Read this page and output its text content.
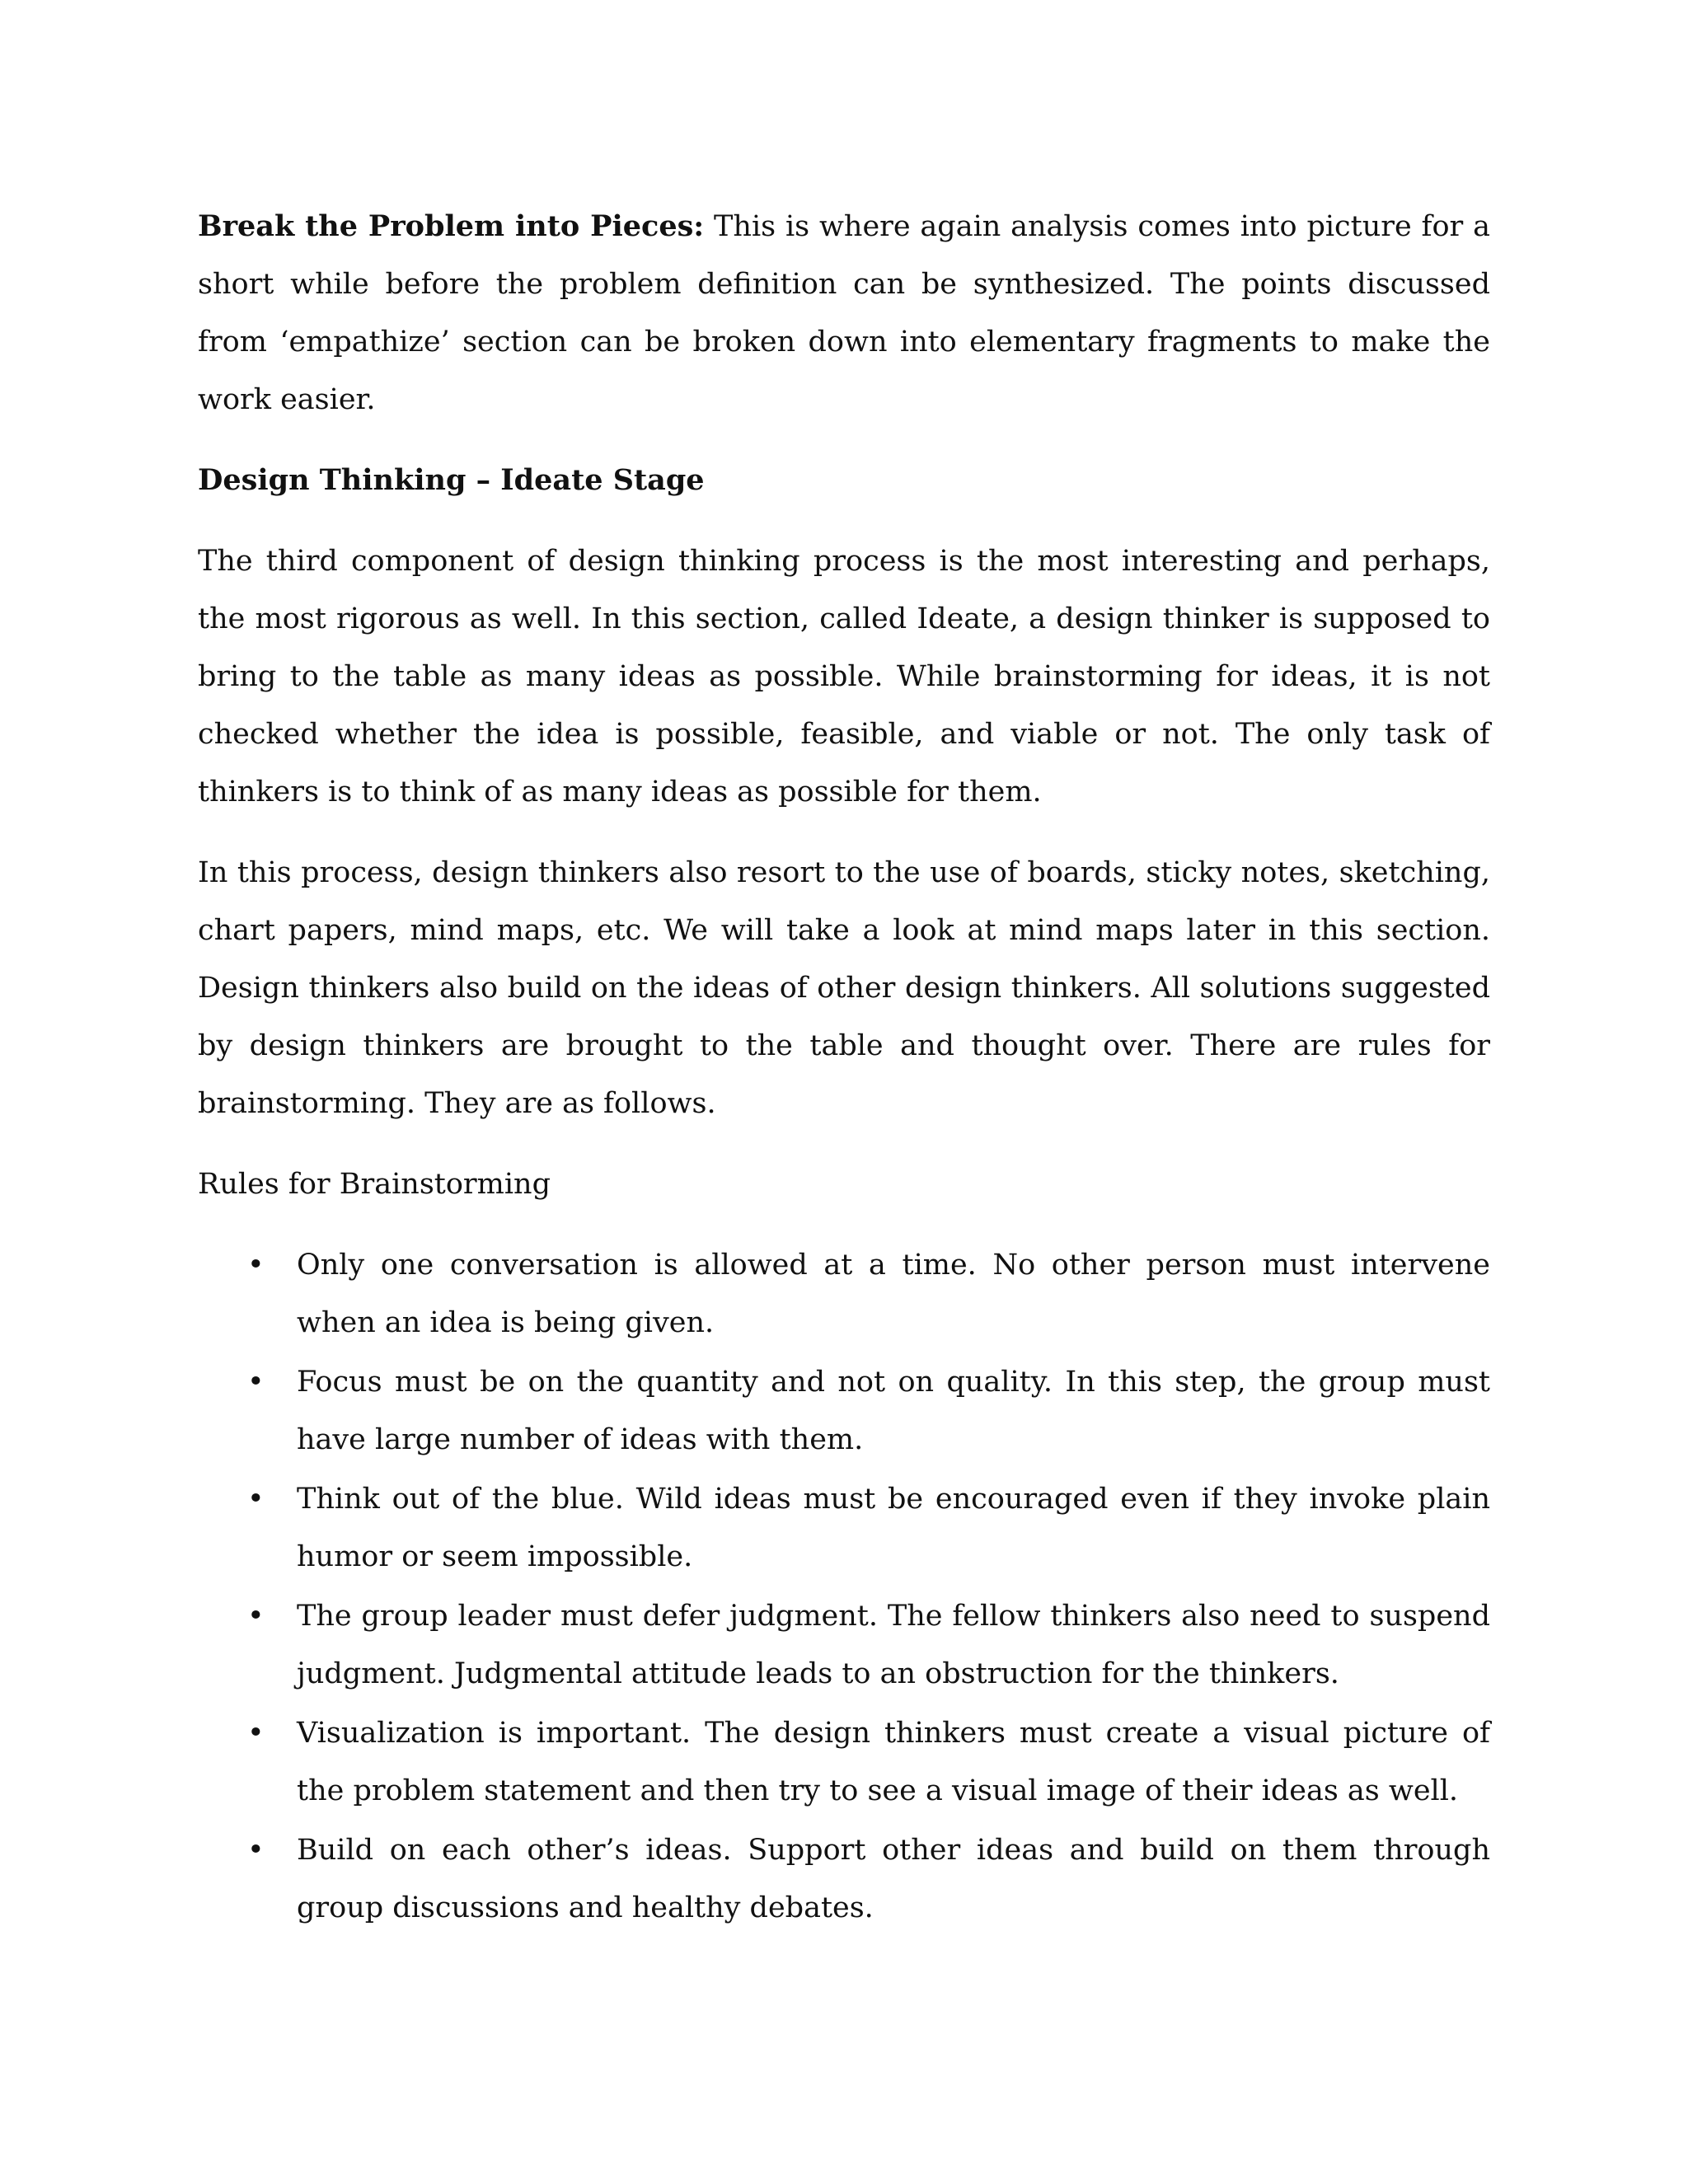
Break the Problem into Pieces: This is where again analysis comes into picture for a short while before the problem definition can be synthesized. The points discussed from ‘empathize’ section can be broken down into elementary fragments to make the work easier.

Design Thinking – Ideate Stage

The third component of design thinking process is the most interesting and perhaps, the most rigorous as well. In this section, called Ideate, a design thinker is supposed to bring to the table as many ideas as possible. While brainstorming for ideas, it is not checked whether the idea is possible, feasible, and viable or not. The only task of thinkers is to think of as many ideas as possible for them.

In this process, design thinkers also resort to the use of boards, sticky notes, sketching, chart papers, mind maps, etc. We will take a look at mind maps later in this section. Design thinkers also build on the ideas of other design thinkers. All solutions suggested by design thinkers are brought to the table and thought over. There are rules for brainstorming. They are as follows.

Rules for Brainstorming

• Only one conversation is allowed at a time. No other person must intervene when an idea is being given.
• Focus must be on the quantity and not on quality. In this step, the group must have large number of ideas with them.
• Think out of the blue. Wild ideas must be encouraged even if they invoke plain humor or seem impossible.
• The group leader must defer judgment. The fellow thinkers also need to suspend judgment. Judgmental attitude leads to an obstruction for the thinkers.
• Visualization is important. The design thinkers must create a visual picture of the problem statement and then try to see a visual image of their ideas as well.
• Build on each other’s ideas. Support other ideas and build on them through group discussions and healthy debates.
